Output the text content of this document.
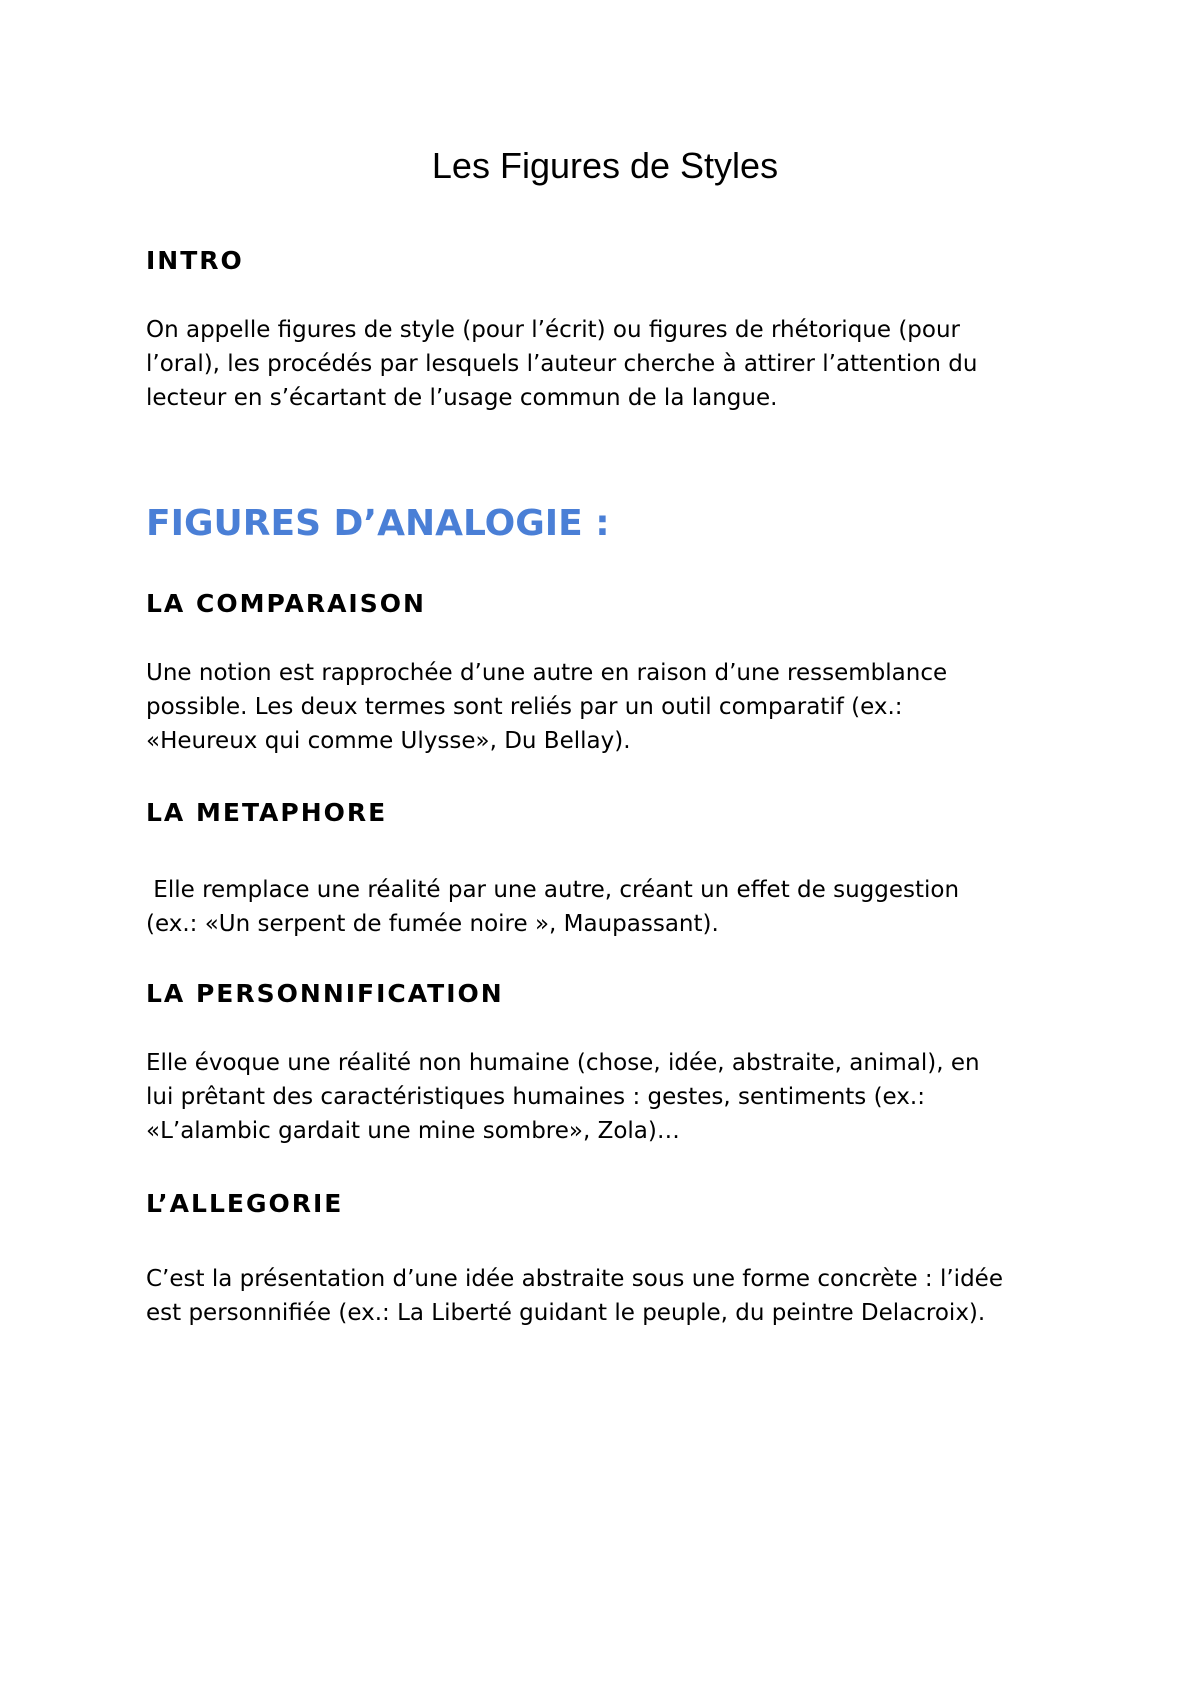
Les Figures de Styles
INTRO

On appelle figures de style (pour l’écrit) ou figures de rhétorique (pour
l’oral), les procédés par lesquels l’auteur cherche à attirer l’attention du
lecteur en s’écartant de l’usage commun de la langue.

FIGURES D’ANALOGIE :
LA COMPARAISON

Une notion est rapprochée d’une autre en raison d’une ressemblance
possible. Les deux termes sont reliés par un outil comparatif (ex.:
«Heureux qui comme Ulysse», Du Bellay).

LA METAPHORE

Elle remplace une réalité par une autre, créant un effet de suggestion
(ex.: «Un serpent de fumée noire », Maupassant).

LA PERSONNIFICATION

Elle évoque une réalité non humaine (chose, idée, abstraite, animal), en
lui prêtant des caractéristiques humaines : gestes, sentiments (ex.:
«L’alambic gardait une mine sombre», Zola)…

L’ALLEGORIE

C’est la présentation d’une idée abstraite sous une forme concrète : l’idée
est personnifiée (ex.: La Liberté guidant le peuple, du peintre Delacroix).
